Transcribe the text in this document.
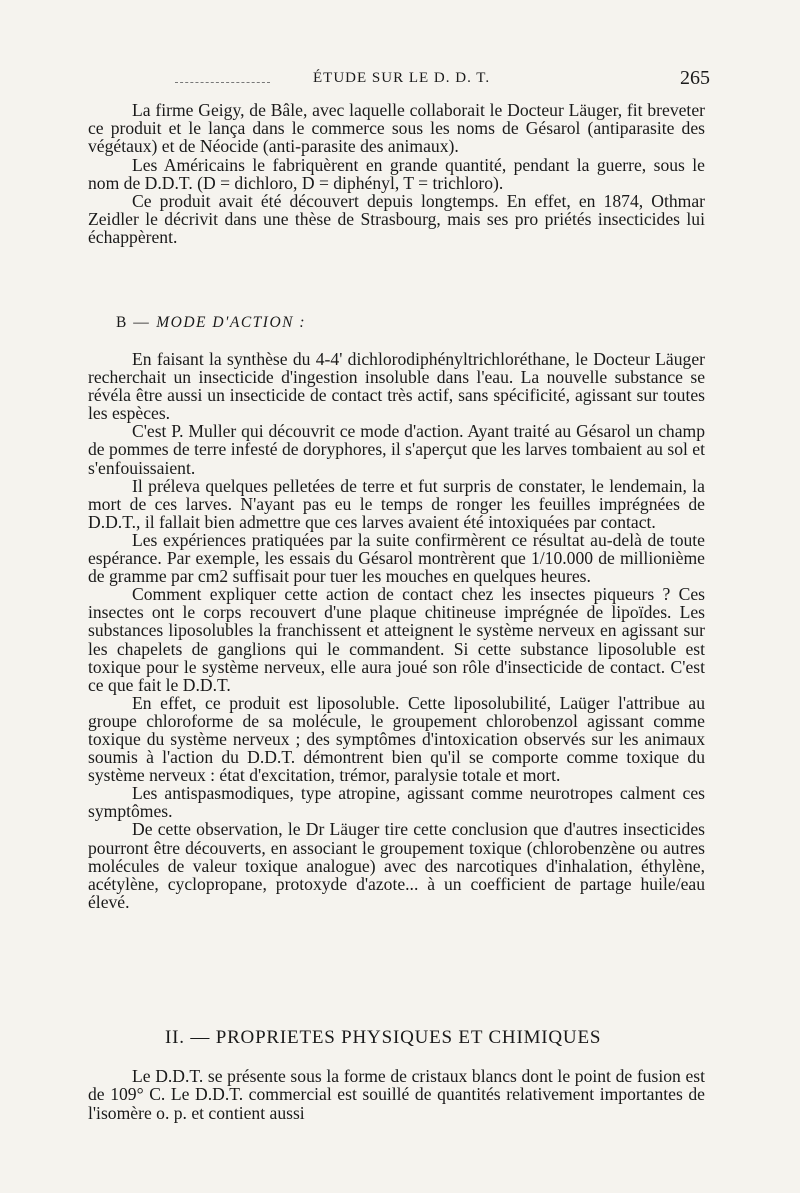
ÉTUDE SUR LE D. D. T.	265

La firme Geigy, de Bâle, avec laquelle collaborait le Docteur Läuger, fit breveter ce produit et le lança dans le commerce sous les noms de Gésarol (antiparasite des végétaux) et de Néocide (anti-parasite des animaux).

Les Américains le fabriquèrent en grande quantité, pendant la guerre, sous le nom de D.D.T. (D = dichloro, D = diphényl, T = trichloro).

Ce produit avait été découvert depuis longtemps. En effet, en 1874, Othmar Zeidler le décrivit dans une thèse de Strasbourg, mais ses pro priétés insecticides lui échappèrent.

B — MODE D'ACTION :

En faisant la synthèse du 4-4' dichlorodiphényltrichloréthane, le Docteur Läuger recherchait un insecticide d'ingestion insoluble dans l'eau. La nouvelle substance se révéla être aussi un insecticide de contact très actif, sans spécificité, agissant sur toutes les espèces.

C'est P. Muller qui découvrit ce mode d'action. Ayant traité au Gésarol un champ de pommes de terre infesté de doryphores, il s'aperçut que les larves tombaient au sol et s'enfouissaient.

Il préleva quelques pelletées de terre et fut surpris de constater, le lendemain, la mort de ces larves. N'ayant pas eu le temps de ronger les feuilles imprégnées de D.D.T., il fallait bien admettre que ces larves avaient été intoxiquées par contact.

Les expériences pratiquées par la suite confirmèrent ce résultat au-delà de toute espérance. Par exemple, les essais du Gésarol montrèrent que 1/10.000 de millionième de gramme par cm2 suffisait pour tuer les mouches en quelques heures.

Comment expliquer cette action de contact chez les insectes piqueurs ? Ces insectes ont le corps recouvert d'une plaque chitineuse imprégnée de lipoïdes. Les substances liposolubles la franchissent et atteignent le système nerveux en agissant sur les chapelets de ganglions qui le commandent. Si cette substance liposoluble est toxique pour le système nerveux, elle aura joué son rôle d'insecticide de contact. C'est ce que fait le D.D.T.

En effet, ce produit est liposoluble. Cette liposolubilité, Laüger l'attribue au groupe chloroforme de sa molécule, le groupement chlorobenzol agissant comme toxique du système nerveux ; des symptômes d'intoxication observés sur les animaux soumis à l'action du D.D.T. démontrent bien qu'il se comporte comme toxique du système nerveux : état d'excitation, trémor, paralysie totale et mort.

Les antispasmodiques, type atropine, agissant comme neurotropes calment ces symptômes.

De cette observation, le Dr Läuger tire cette conclusion que d'autres insecticides pourront être découverts, en associant le groupement toxique (chlorobenzène ou autres molécules de valeur toxique analogue) avec des narcotiques d'inhalation, éthylène, acétylène, cyclopropane, protoxyde d'azote... à un coefficient de partage huile/eau élevé.

II. — PROPRIETES PHYSIQUES ET CHIMIQUES

Le D.D.T. se présente sous la forme de cristaux blancs dont le point de fusion est de 109° C. Le D.D.T. commercial est souillé de quantités relativement importantes de l'isomère o. p. et contient aussi
